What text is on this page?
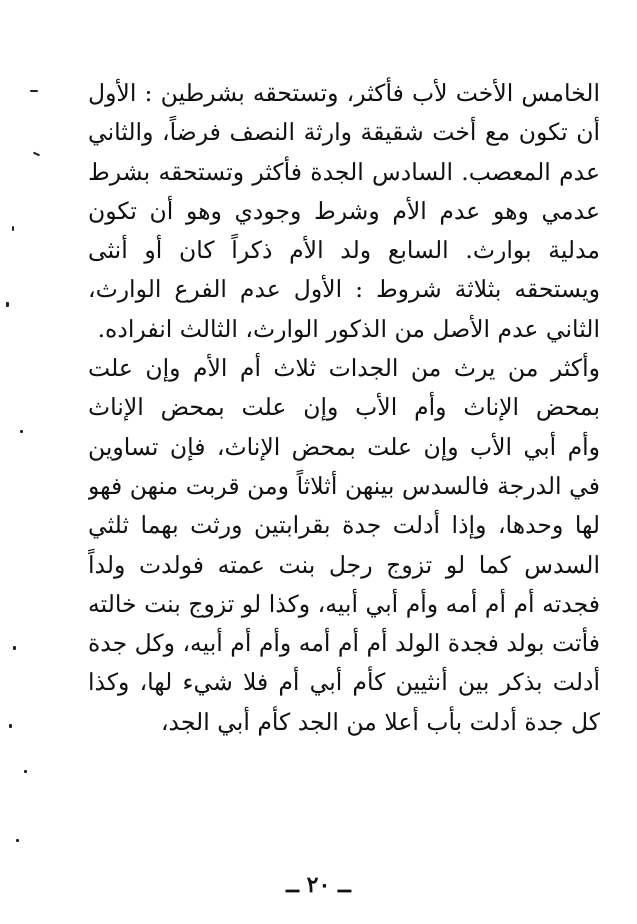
الخامس الأخت لأب فأكثر، وتستحقه بشرطين : الأول
أن تكون مع أخت شقيقة وارثة النصف فرضاً، والثاني
عدم المعصب. السادس الجدة فأكثر وتستحقه بشرط
عدمي وهو عدم الأم وشرط وجودي وهو أن تكون
مدلية بوارث. السابع ولد الأم ذكراً كان أو أنثى
ويستحقه بثلاثة شروط : الأول عدم الفرع الوارث،
الثاني عدم الأصل من الذكور الوارث، الثالث انفراده.
وأكثر من يرث من الجدات ثلاث أم الأم وإن علت
بمحض الإناث وأم الأب وإن علت بمحض الإناث
وأم أبي الأب وإن علت بمحض الإناث، فإن تساوين
في الدرجة فالسدس بينهن أثلاثاً ومن قربت منهن فهو
لها وحدها، وإذا أدلت جدة بقرابتين ورثت بهما ثلثي
السدس كما لو تزوج رجل بنت عمته فولدت ولداً
فجدته أم أم أمه وأم أبي أبيه، وكذا لو تزوج بنت خالته
فأتت بولد فجدة الولد أم أم أمه وأم أم أبيه، وكل جدة
أدلت بذكر بين أنثيين كأم أبي أم فلا شيء لها، وكذا
كل جدة أدلت بأب أعلا من الجد كأم أبي الجد،
ــ ٢٠ ــ
